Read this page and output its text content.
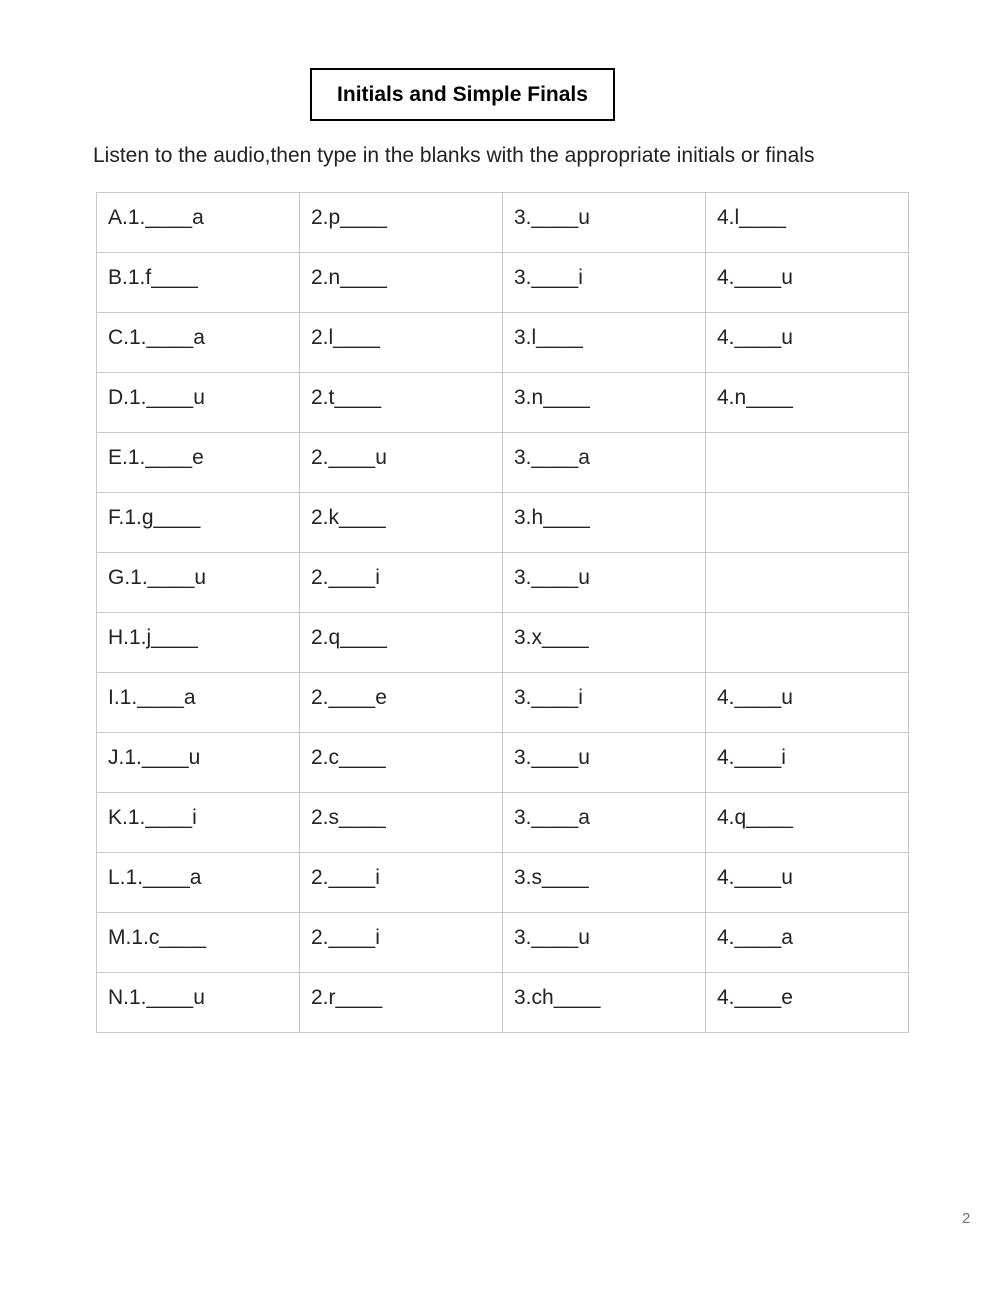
Initials and Simple Finals
Listen to the audio,then type in the blanks with the appropriate initials or finals
A.1.____a	2.p____	3.____u	4.l____
B.1.f____	2.n____	3.____i	4.____u
C.1.____a	2.l____	3.l____	4.____u
D.1.____u	2.t____	3.n____	4.n____
E.1.____e	2.____u	3.____a	
F.1.g____	2.k____	3.h____	
G.1.____u	2.____i	3.____u	
H.1.j____	2.q____	3.x____	
I.1.____a	2.____e	3.____i	4.____u
J.1.____u	2.c____	3.____u	4.____i
K.1.____i	2.s____	3.____a	4.q____
L.1.____a	2.____i	3.s____	4.____u
M.1.c____	2.____i	3.____u	4.____a
N.1.____u	2.r____	3.ch____	4.____e
2
